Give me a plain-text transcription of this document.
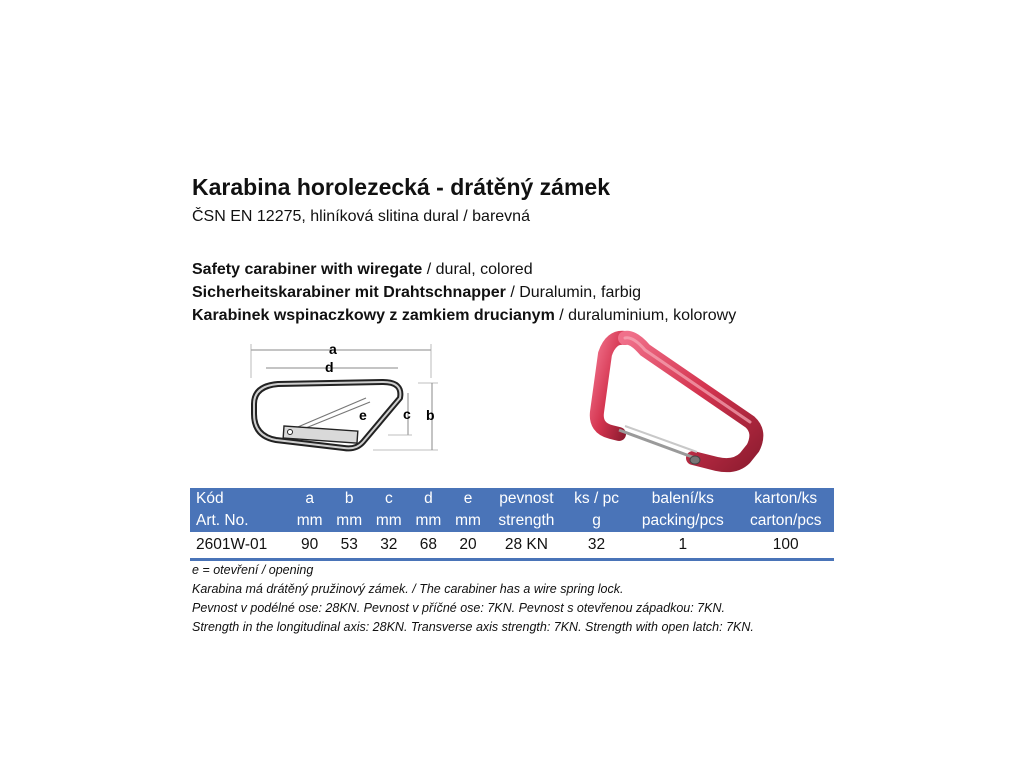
Karabina horolezecká - drátěný zámek
ČSN EN 12275, hliníková slitina dural / barevná
Safety carabiner with wiregate / dural, colored
Sicherheitskarabiner mit Drahtschnapper / Duralumin, farbig
Karabinek wspinaczkowy z zamkiem drucianym / duraluminium, kolorowy
a
d
b
c
e
Kód	a	b	c	d	e	pevnost	ks / pc	balení/ks	karton/ks
Art. No.	mm	mm	mm	mm	mm	strength	g	packing/pcs	carton/pcs
2601W-01	90	53	32	68	20	28 KN	32	1	100
e = otevření / opening
Karabina má drátěný pružinový zámek. / The carabiner has a wire spring lock.
Pevnost v podélné ose: 28KN. Pevnost v příčné ose: 7KN. Pevnost s otevřenou západkou: 7KN.
Strength in the longitudinal axis: 28KN. Transverse axis strength: 7KN. Strength with open latch: 7KN.
